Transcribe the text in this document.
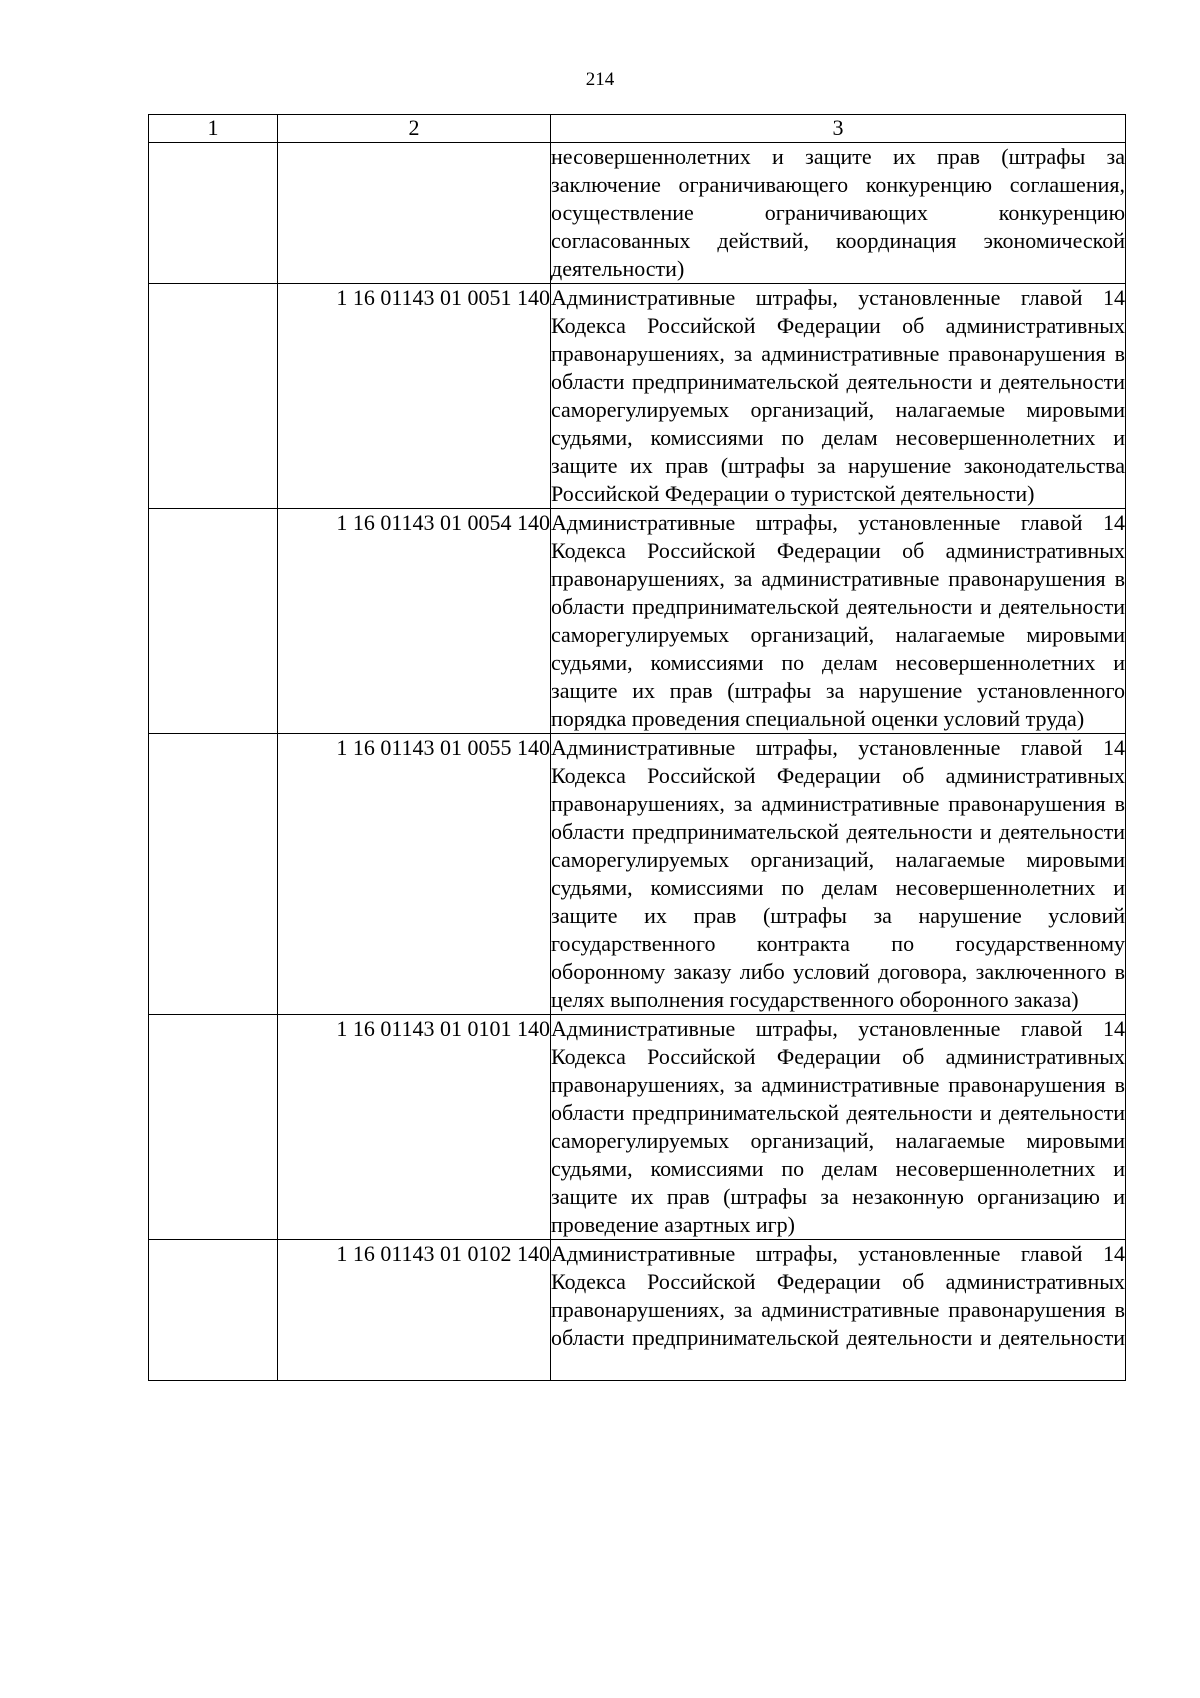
214
1	2	3

		несовершеннолетних и защите их прав (штрафы за заключение ограничивающего конкуренцию соглашения, осуществление ограничивающих конкуренцию согласованных действий, координация экономической деятельности)

	1 16 01143 01 0051 140	Административные штрафы, установленные главой 14 Кодекса Российской Федерации об административных правонарушениях, за административные правонарушения в области предпринимательской деятельности и деятельности саморегулируемых организаций, налагаемые мировыми судьями, комиссиями по делам несовершеннолетних и защите их прав (штрафы за нарушение законодательства Российской Федерации о туристской деятельности)

	1 16 01143 01 0054 140	Административные штрафы, установленные главой 14 Кодекса Российской Федерации об административных правонарушениях, за административные правонарушения в области предпринимательской деятельности и деятельности саморегулируемых организаций, налагаемые мировыми судьями, комиссиями по делам несовершеннолетних и защите их прав (штрафы за нарушение установленного порядка проведения специальной оценки условий труда)

	1 16 01143 01 0055 140	Административные штрафы, установленные главой 14 Кодекса Российской Федерации об административных правонарушениях, за административные правонарушения в области предпринимательской деятельности и деятельности саморегулируемых организаций, налагаемые мировыми судьями, комиссиями по делам несовершеннолетних и защите их прав (штрафы за нарушение условий государственного контракта по государственному оборонному заказу либо условий договора, заключенного в целях выполнения государственного оборонного заказа)

	1 16 01143 01 0101 140	Административные штрафы, установленные главой 14 Кодекса Российской Федерации об административных правонарушениях, за административные правонарушения в области предпринимательской деятельности и деятельности саморегулируемых организаций, налагаемые мировыми судьями, комиссиями по делам несовершеннолетних и защите их прав (штрафы за незаконную организацию и проведение азартных игр)

	1 16 01143 01 0102 140	Административные штрафы, установленные главой 14 Кодекса Российской Федерации об административных правонарушениях, за административные правонарушения в области предпринимательской деятельности и деятельности
